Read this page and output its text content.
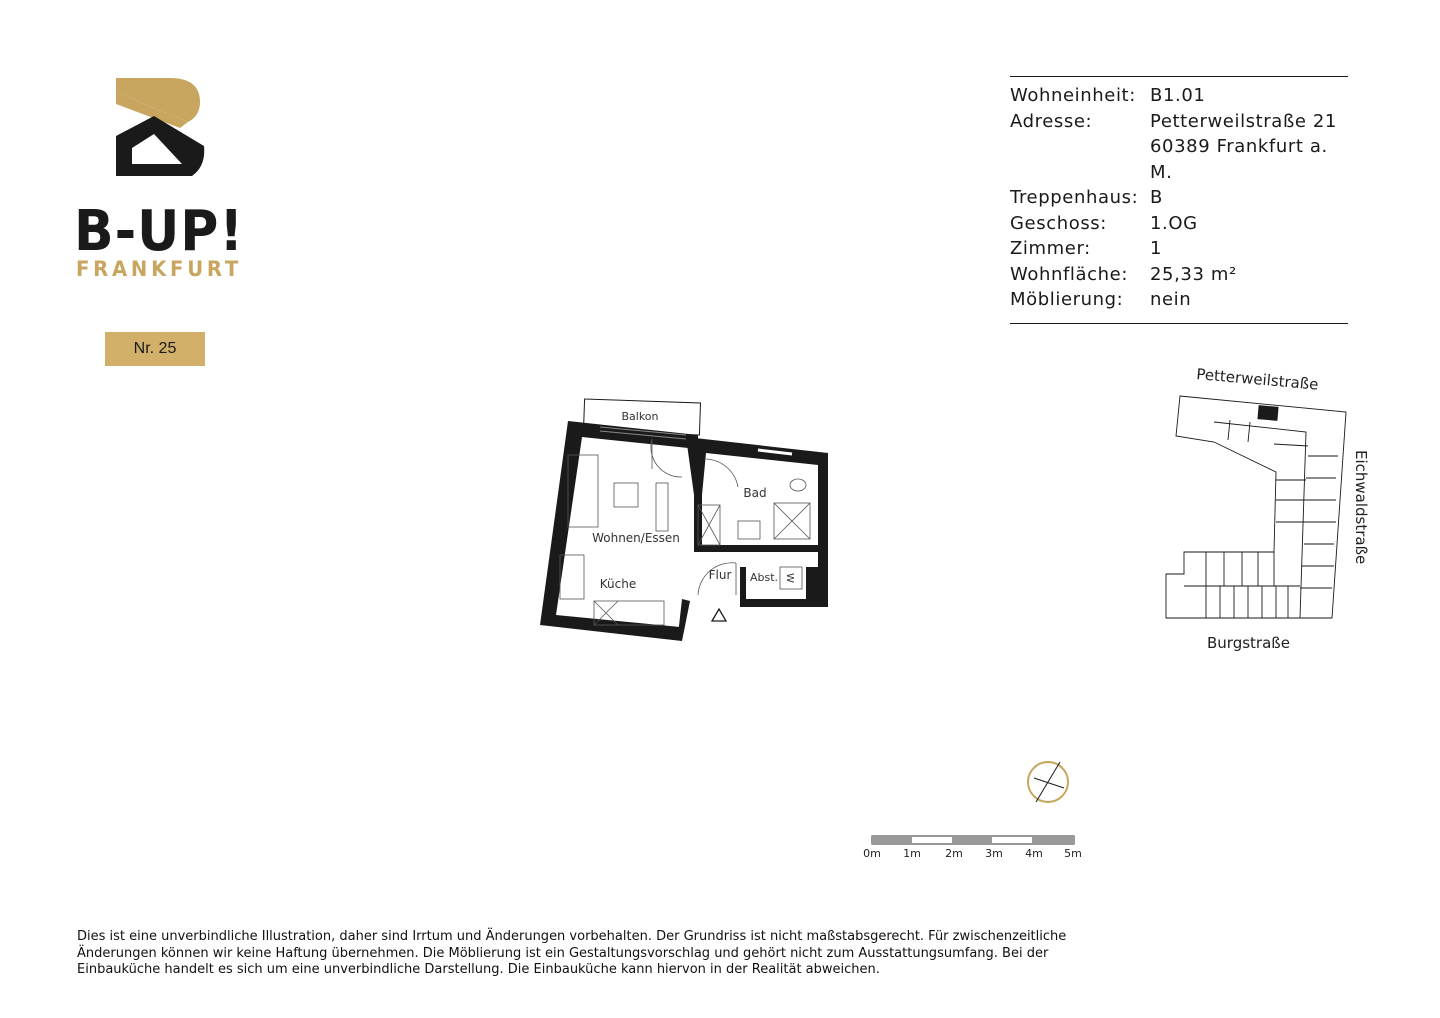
B-UP!
FRANKFURT
Nr. 25
Wohneinheit: B1.01
Adresse:	Petterweilstraße 21
60389 Frankfurt a. M.
Treppenhaus: B
Geschoss:	1.OG
Zimmer:	1
Wohnfläche:	25,33 m²
Möblierung:	nein
Balkon
Wohnen/Essen
Küche
Bad
Flur Abst. W
Petterweilstraße
Eichwaldstraße
Burgstraße
0m 1m 2m 3m 4m 5m
Dies ist eine unverbindliche Illustration, daher sind Irrtum und Änderungen vorbehalten. Der Grundriss ist nicht maßstabsgerecht. Für zwischenzeitliche Änderungen können wir keine Haftung übernehmen. Die Möblierung ist ein Gestaltungsvorschlag und gehört nicht zum Ausstattungsumfang. Bei der Einbauküche handelt es sich um eine unverbindliche Darstellung. Die Einbauküche kann hiervon in der Realität abweichen.
